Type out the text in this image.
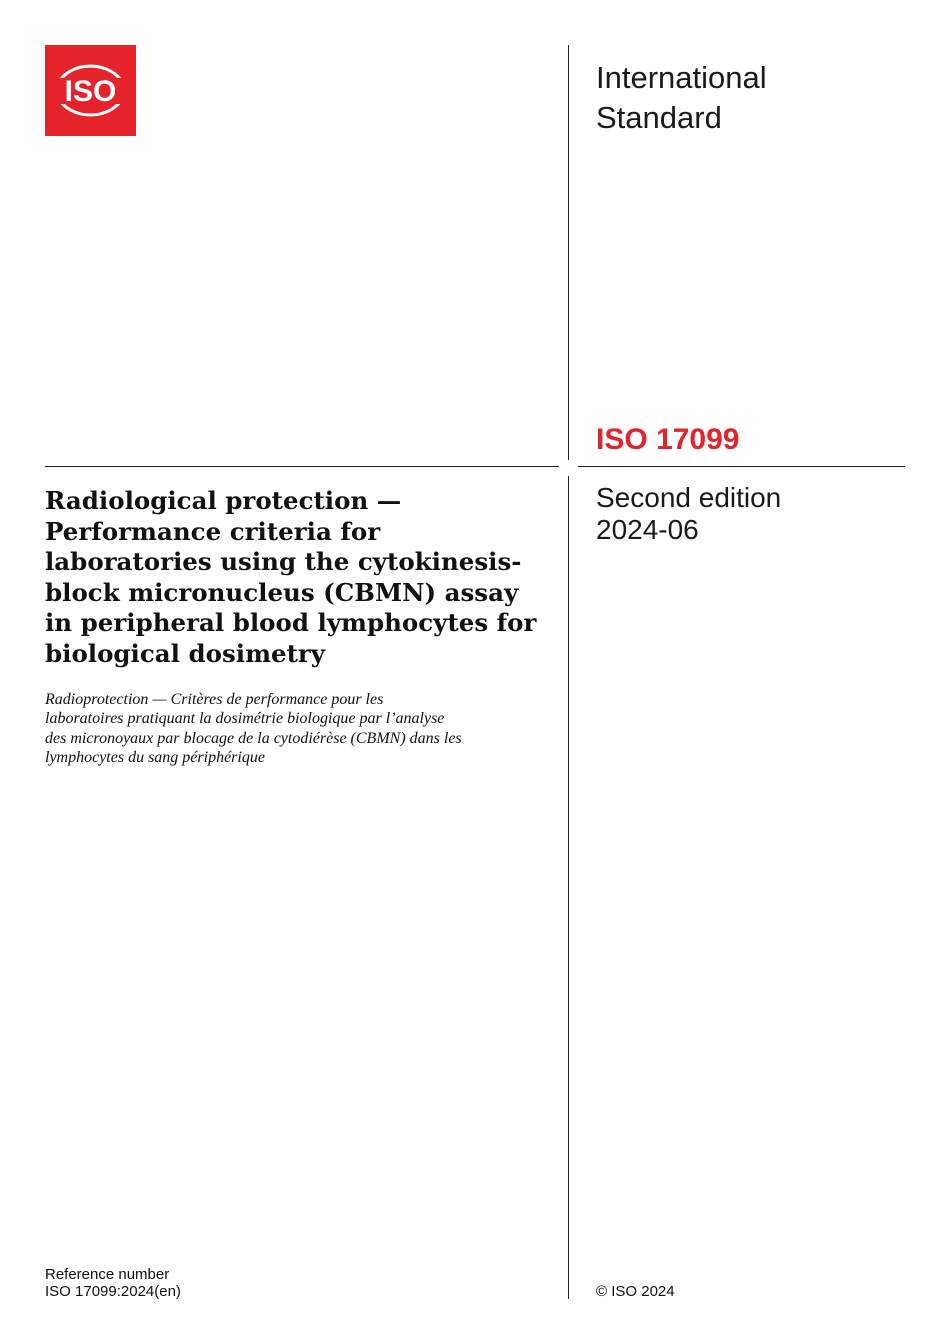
ISO	International
Standard
ISO 17099
Second edition
2024-06
Radiological protection —
Performance criteria for
laboratories using the cytokinesis-
block micronucleus (CBMN) assay
in peripheral blood lymphocytes for
biological dosimetry
Radioprotection — Critères de performance pour les
laboratoires pratiquant la dosimétrie biologique par l’analyse
des micronoyaux par blocage de la cytodiérèse (CBMN) dans les
lymphocytes du sang périphérique
Reference number
ISO 17099:2024(en)	© ISO 2024
